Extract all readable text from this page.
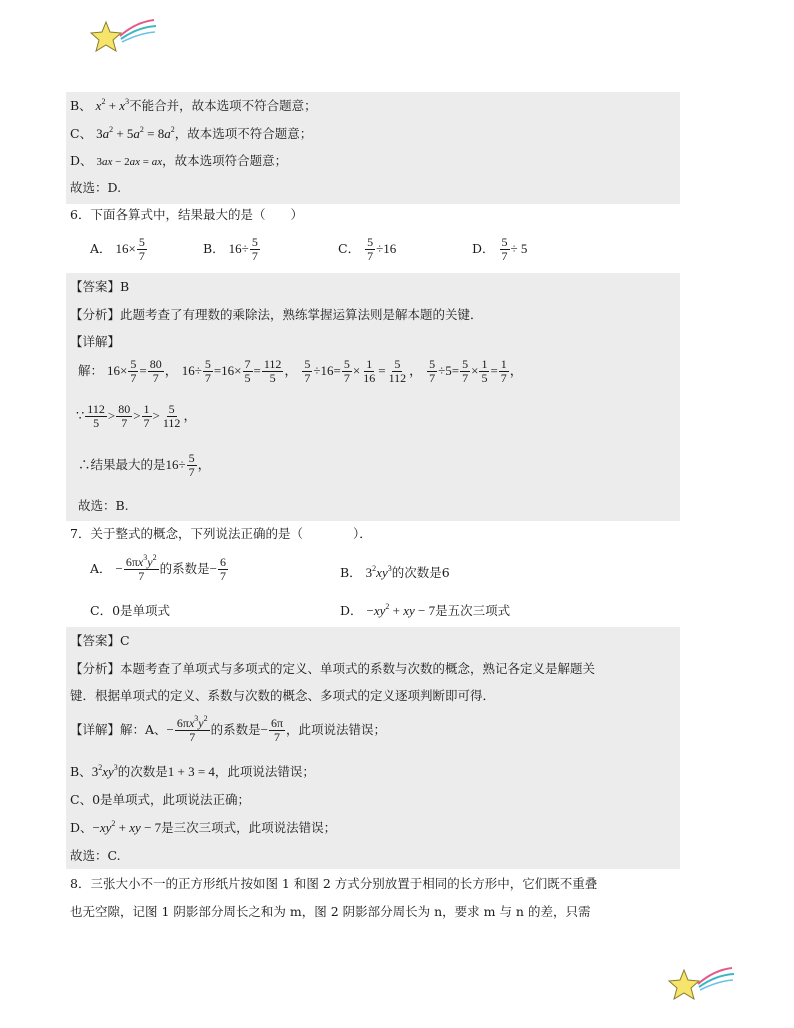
B、 $x^2 + x^3$不能合并，故本选项不符合题意；
C、 $3a^2 + 5a^2 = 8a^2$，故本选项不符合题意；
D、 3ax − 2ax = ax，故本选项符合题意；
故选：D.
6．下面各算式中，结果最大的是（　　）
A． $16\times \frac{5}{7}$	B． $16\div \frac{5}{7}$	C． $\frac{5}{7} \div 16$	D． $\frac{5}{7} \div 5$
【答案】B
【分析】此题考查了有理数的乘除法，熟练掌握运算法则是解本题的关键．
【详解】
解： $16\times \frac{5}{7} = \frac{80}{7}$ ， $16\div \frac{5}{7} =16\times \frac{7}{5} = \frac{112}{5}$ ， $\frac{5}{7} \div 16= \frac{5}{7} \times \frac{1}{16} = \frac{5}{112}$ ， $\frac{5}{7} \div 5= \frac{5}{7} \times \frac{1}{5} = \frac{1}{7}$ ，
∵ $\frac{112}{5} > \frac{80}{7} > \frac{1}{7} > \frac{5}{112}$ ，
∴结果最大的是$16\div \frac{5}{7}$ ，
故选：B.
7．关于整式的概念，下列说法正确的是（　　　　）．
A． − $\frac{6\pi x^3y^2}{7}$ 的系数是− $\frac{6}{7}$	B． $3^2xy^3$的次数是6
C．0是单项式	D． $-xy^2$ + xy − 7是五次三项式
【答案】C
【分析】本题考查了单项式与多项式的定义、单项式的系数与次数的概念，熟记各定义是解题关
键．根据单项式的定义、系数与次数的概念、多项式的定义逐项判断即可得．
【详解】解：A、− $\frac{6\pi x^3y^2}{7}$ 的系数是− $\frac{6\pi}{7}$ ，此项说法错误；
B、$3^2xy^3$的次数是1 + 3 = 4，此项说法错误；
C、0是单项式，此项说法正确；
D、$-xy^2$ + xy − 7是三次三项式，此项说法错误；
故选：C.
8．三张大小不一的正方形纸片按如图 1 和图 2 方式分别放置于相同的长方形中，它们既不重叠
也无空隙，记图 1 阴影部分周长之和为 m，图 2 阴影部分周长为 n，要求 m 与 n 的差，只需
